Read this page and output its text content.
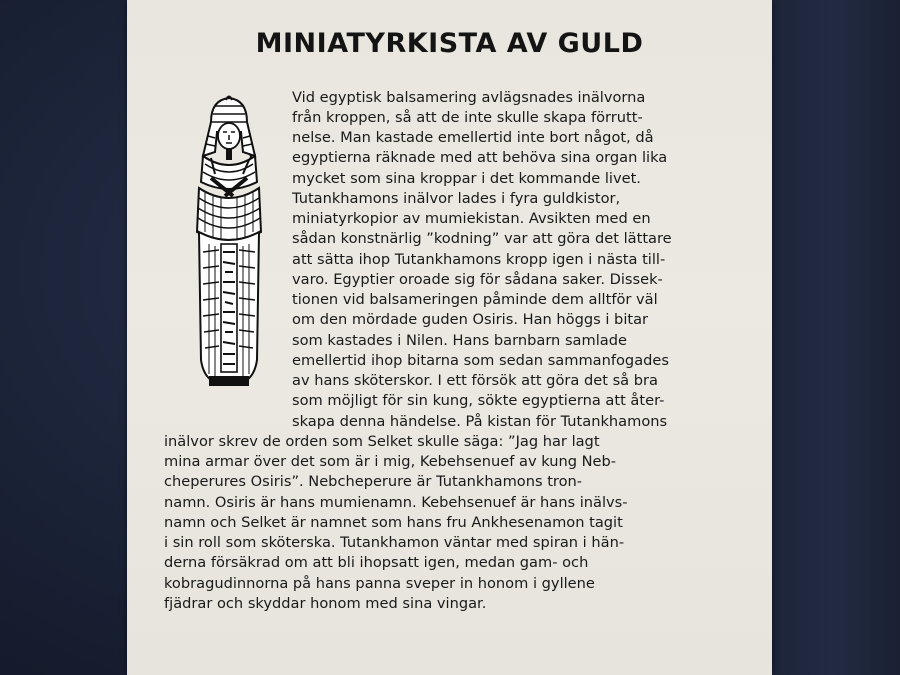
MINIATYRKISTA AV GULD
Vid egyptisk balsamering avlägsnades inälvorna
från kroppen, så att de inte skulle skapa förrutt-
nelse. Man kastade emellertid inte bort något, då
egyptierna räknade med att behöva sina organ lika
mycket som sina kroppar i det kommande livet.
Tutankhamons inälvor lades i fyra guldkistor,
miniatyrkopior av mumiekistan. Avsikten med en
sådan konstnärlig ”kodning” var att göra det lättare
att sätta ihop Tutankhamons kropp igen i nästa till-
varo. Egyptier oroade sig för sådana saker. Dissek-
tionen vid balsameringen påminde dem alltför väl
om den mördade guden Osiris. Han höggs i bitar
som kastades i Nilen. Hans barnbarn samlade
emellertid ihop bitarna som sedan sammanfogades
av hans sköterskor. I ett försök att göra det så bra
som möjligt för sin kung, sökte egyptierna att åter-
skapa denna händelse. På kistan för Tutankhamons
inälvor skrev de orden som Selket skulle säga: ”Jag har lagt
mina armar över det som är i mig, Kebehsenuef av kung Neb-
cheperures Osiris”. Nebcheperure är Tutankhamons tron-
namn. Osiris är hans mumienamn. Kebehsenuef är hans inälvs-
namn och Selket är namnet som hans fru Ankhesenamon tagit
i sin roll som sköterska. Tutankhamon väntar med spiran i hän-
derna försäkrad om att bli ihopsatt igen, medan gam- och
kobragudinnorna på hans panna sveper in honom i gyllene
fjädrar och skyddar honom med sina vingar.
